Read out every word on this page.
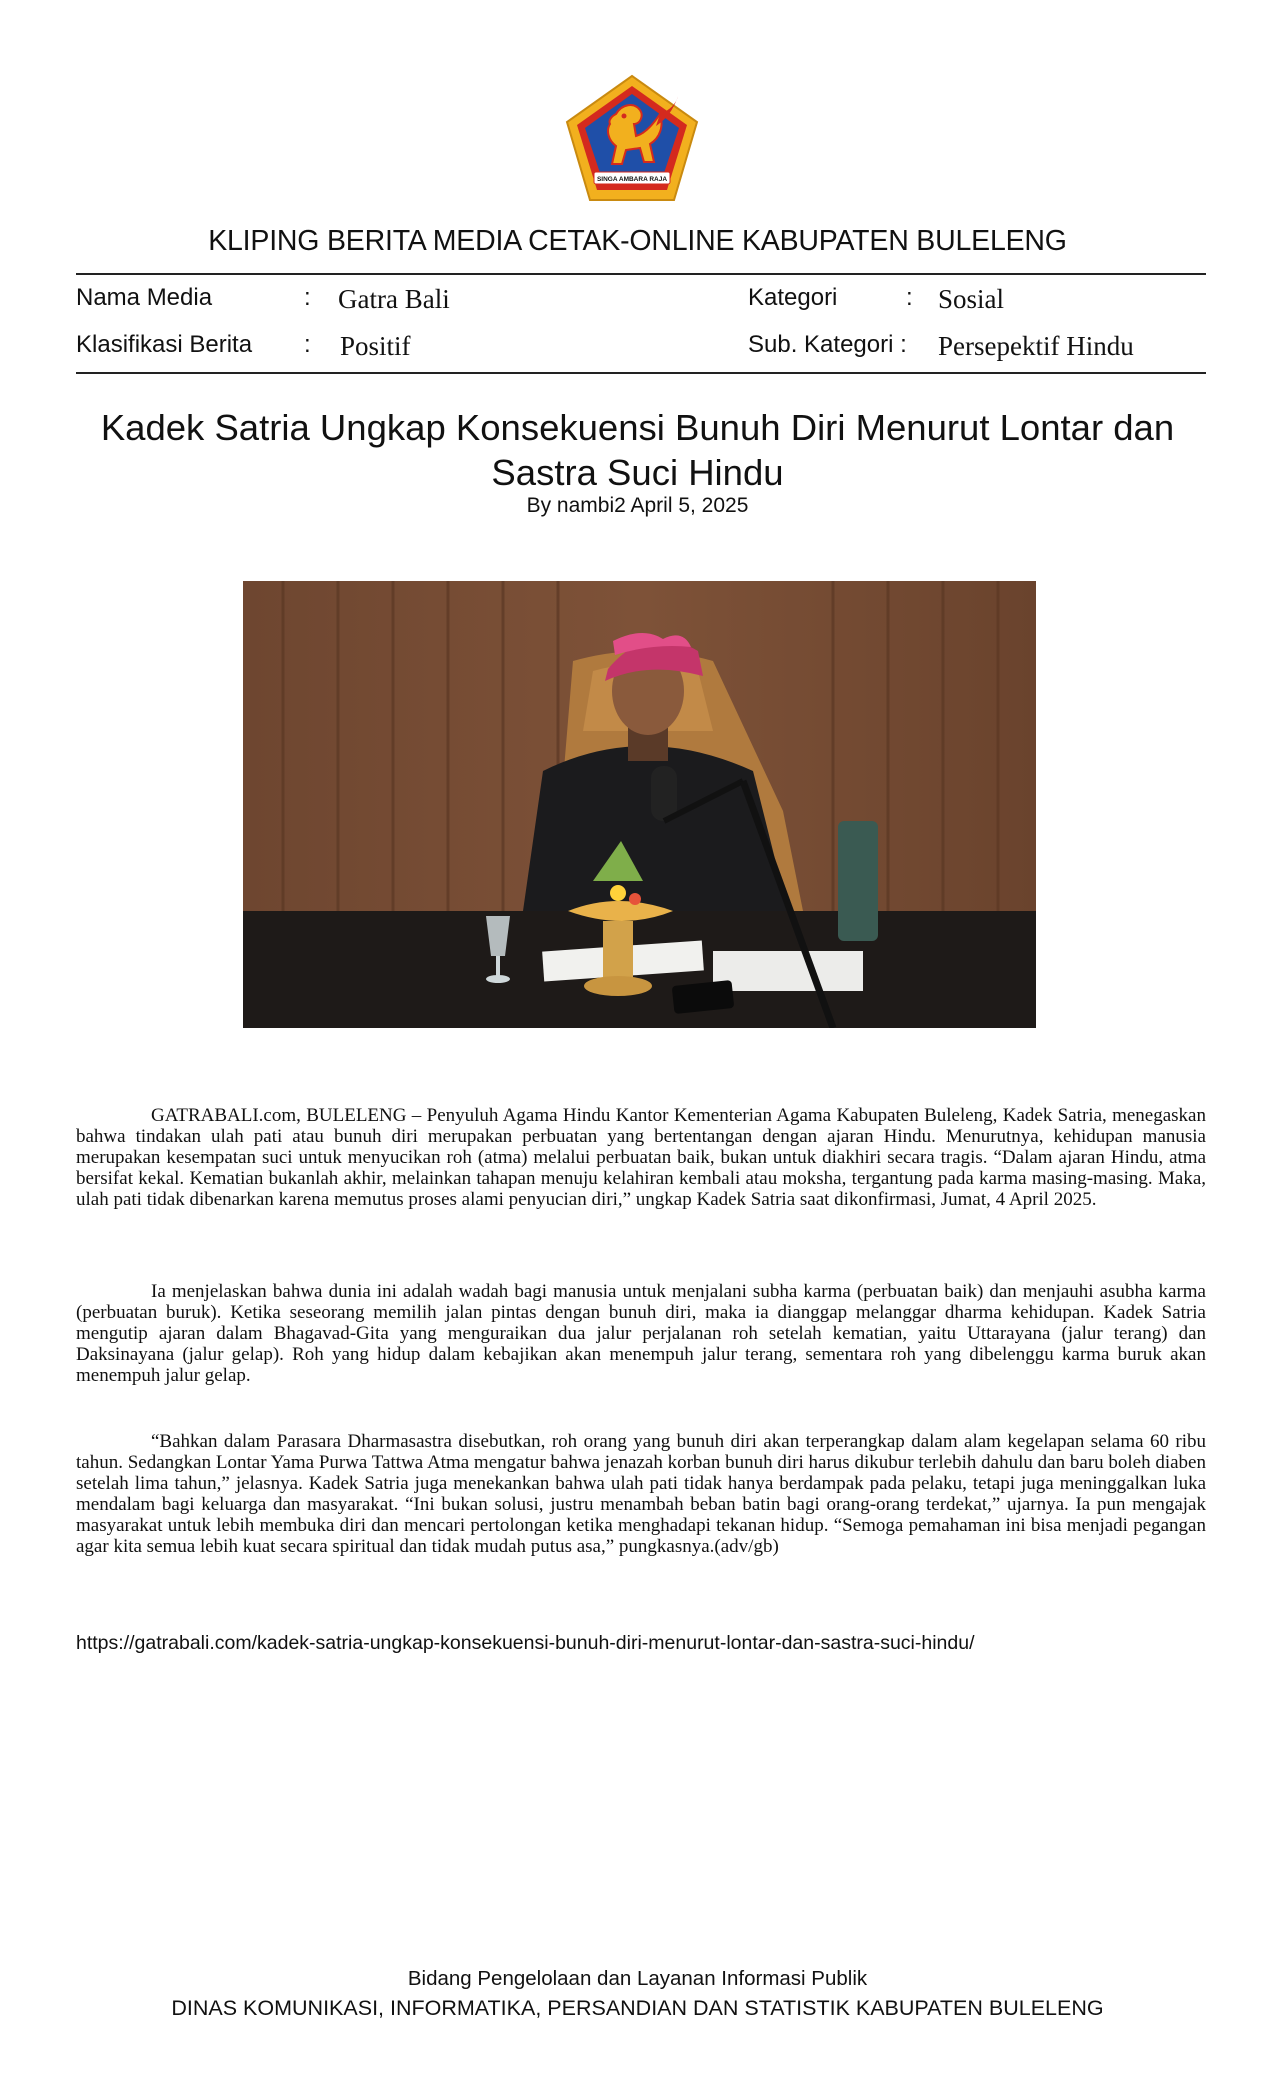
SINGA AMBARA RAJA
KLIPING BERITA MEDIA CETAK-ONLINE KABUPATEN BULELENG
Nama Media	: Gatra Bali	Kategori	: Sosial
Klasifikasi Berita : Positif	Sub. Kategori : Persepektif Hindu
Kadek Satria Ungkap Konsekuensi Bunuh Diri Menurut Lontar dan
Sastra Suci Hindu
By nambi2 April 5, 2025

GATRABALI.com, BULELENG – Penyuluh Agama Hindu Kantor Kementerian Agama Kabupaten Buleleng, Kadek Satria, menegaskan bahwa tindakan ulah pati atau bunuh diri merupakan perbuatan yang bertentangan dengan ajaran Hindu. Menurutnya, kehidupan manusia merupakan kesempatan suci untuk menyucikan roh (atma) melalui perbuatan baik, bukan untuk diakhiri secara tragis. “Dalam ajaran Hindu, atma bersifat kekal. Kematian bukanlah akhir, melainkan tahapan menuju kelahiran kembali atau moksha, tergantung pada karma masing-masing. Maka, ulah pati tidak dibenarkan karena memutus proses alami penyucian diri,” ungkap Kadek Satria saat dikonfirmasi, Jumat, 4 April 2025.

Ia menjelaskan bahwa dunia ini adalah wadah bagi manusia untuk menjalani subha karma (perbuatan baik) dan menjauhi asubha karma (perbuatan buruk). Ketika seseorang memilih jalan pintas dengan bunuh diri, maka ia dianggap melanggar dharma kehidupan. Kadek Satria mengutip ajaran dalam Bhagavad-Gita yang menguraikan dua jalur perjalanan roh setelah kematian, yaitu Uttarayana (jalur terang) dan Daksinayana (jalur gelap). Roh yang hidup dalam kebajikan akan menempuh jalur terang, sementara roh yang dibelenggu karma buruk akan menempuh jalur gelap.

“Bahkan dalam Parasara Dharmasastra disebutkan, roh orang yang bunuh diri akan terperangkap dalam alam kegelapan selama 60 ribu tahun. Sedangkan Lontar Yama Purwa Tattwa Atma mengatur bahwa jenazah korban bunuh diri harus dikubur terlebih dahulu dan baru boleh diaben setelah lima tahun,” jelasnya. Kadek Satria juga menekankan bahwa ulah pati tidak hanya berdampak pada pelaku, tetapi juga meninggalkan luka mendalam bagi keluarga dan masyarakat. “Ini bukan solusi, justru menambah beban batin bagi orang-orang terdekat,” ujarnya. Ia pun mengajak masyarakat untuk lebih membuka diri dan mencari pertolongan ketika menghadapi tekanan hidup. “Semoga pemahaman ini bisa menjadi pegangan agar kita semua lebih kuat secara spiritual dan tidak mudah putus asa,” pungkasnya.(adv/gb)

https://gatrabali.com/kadek-satria-ungkap-konsekuensi-bunuh-diri-menurut-lontar-dan-sastra-suci-hindu/
Bidang Pengelolaan dan Layanan Informasi Publik
DINAS KOMUNIKASI, INFORMATIKA, PERSANDIAN DAN STATISTIK KABUPATEN BULELENG
